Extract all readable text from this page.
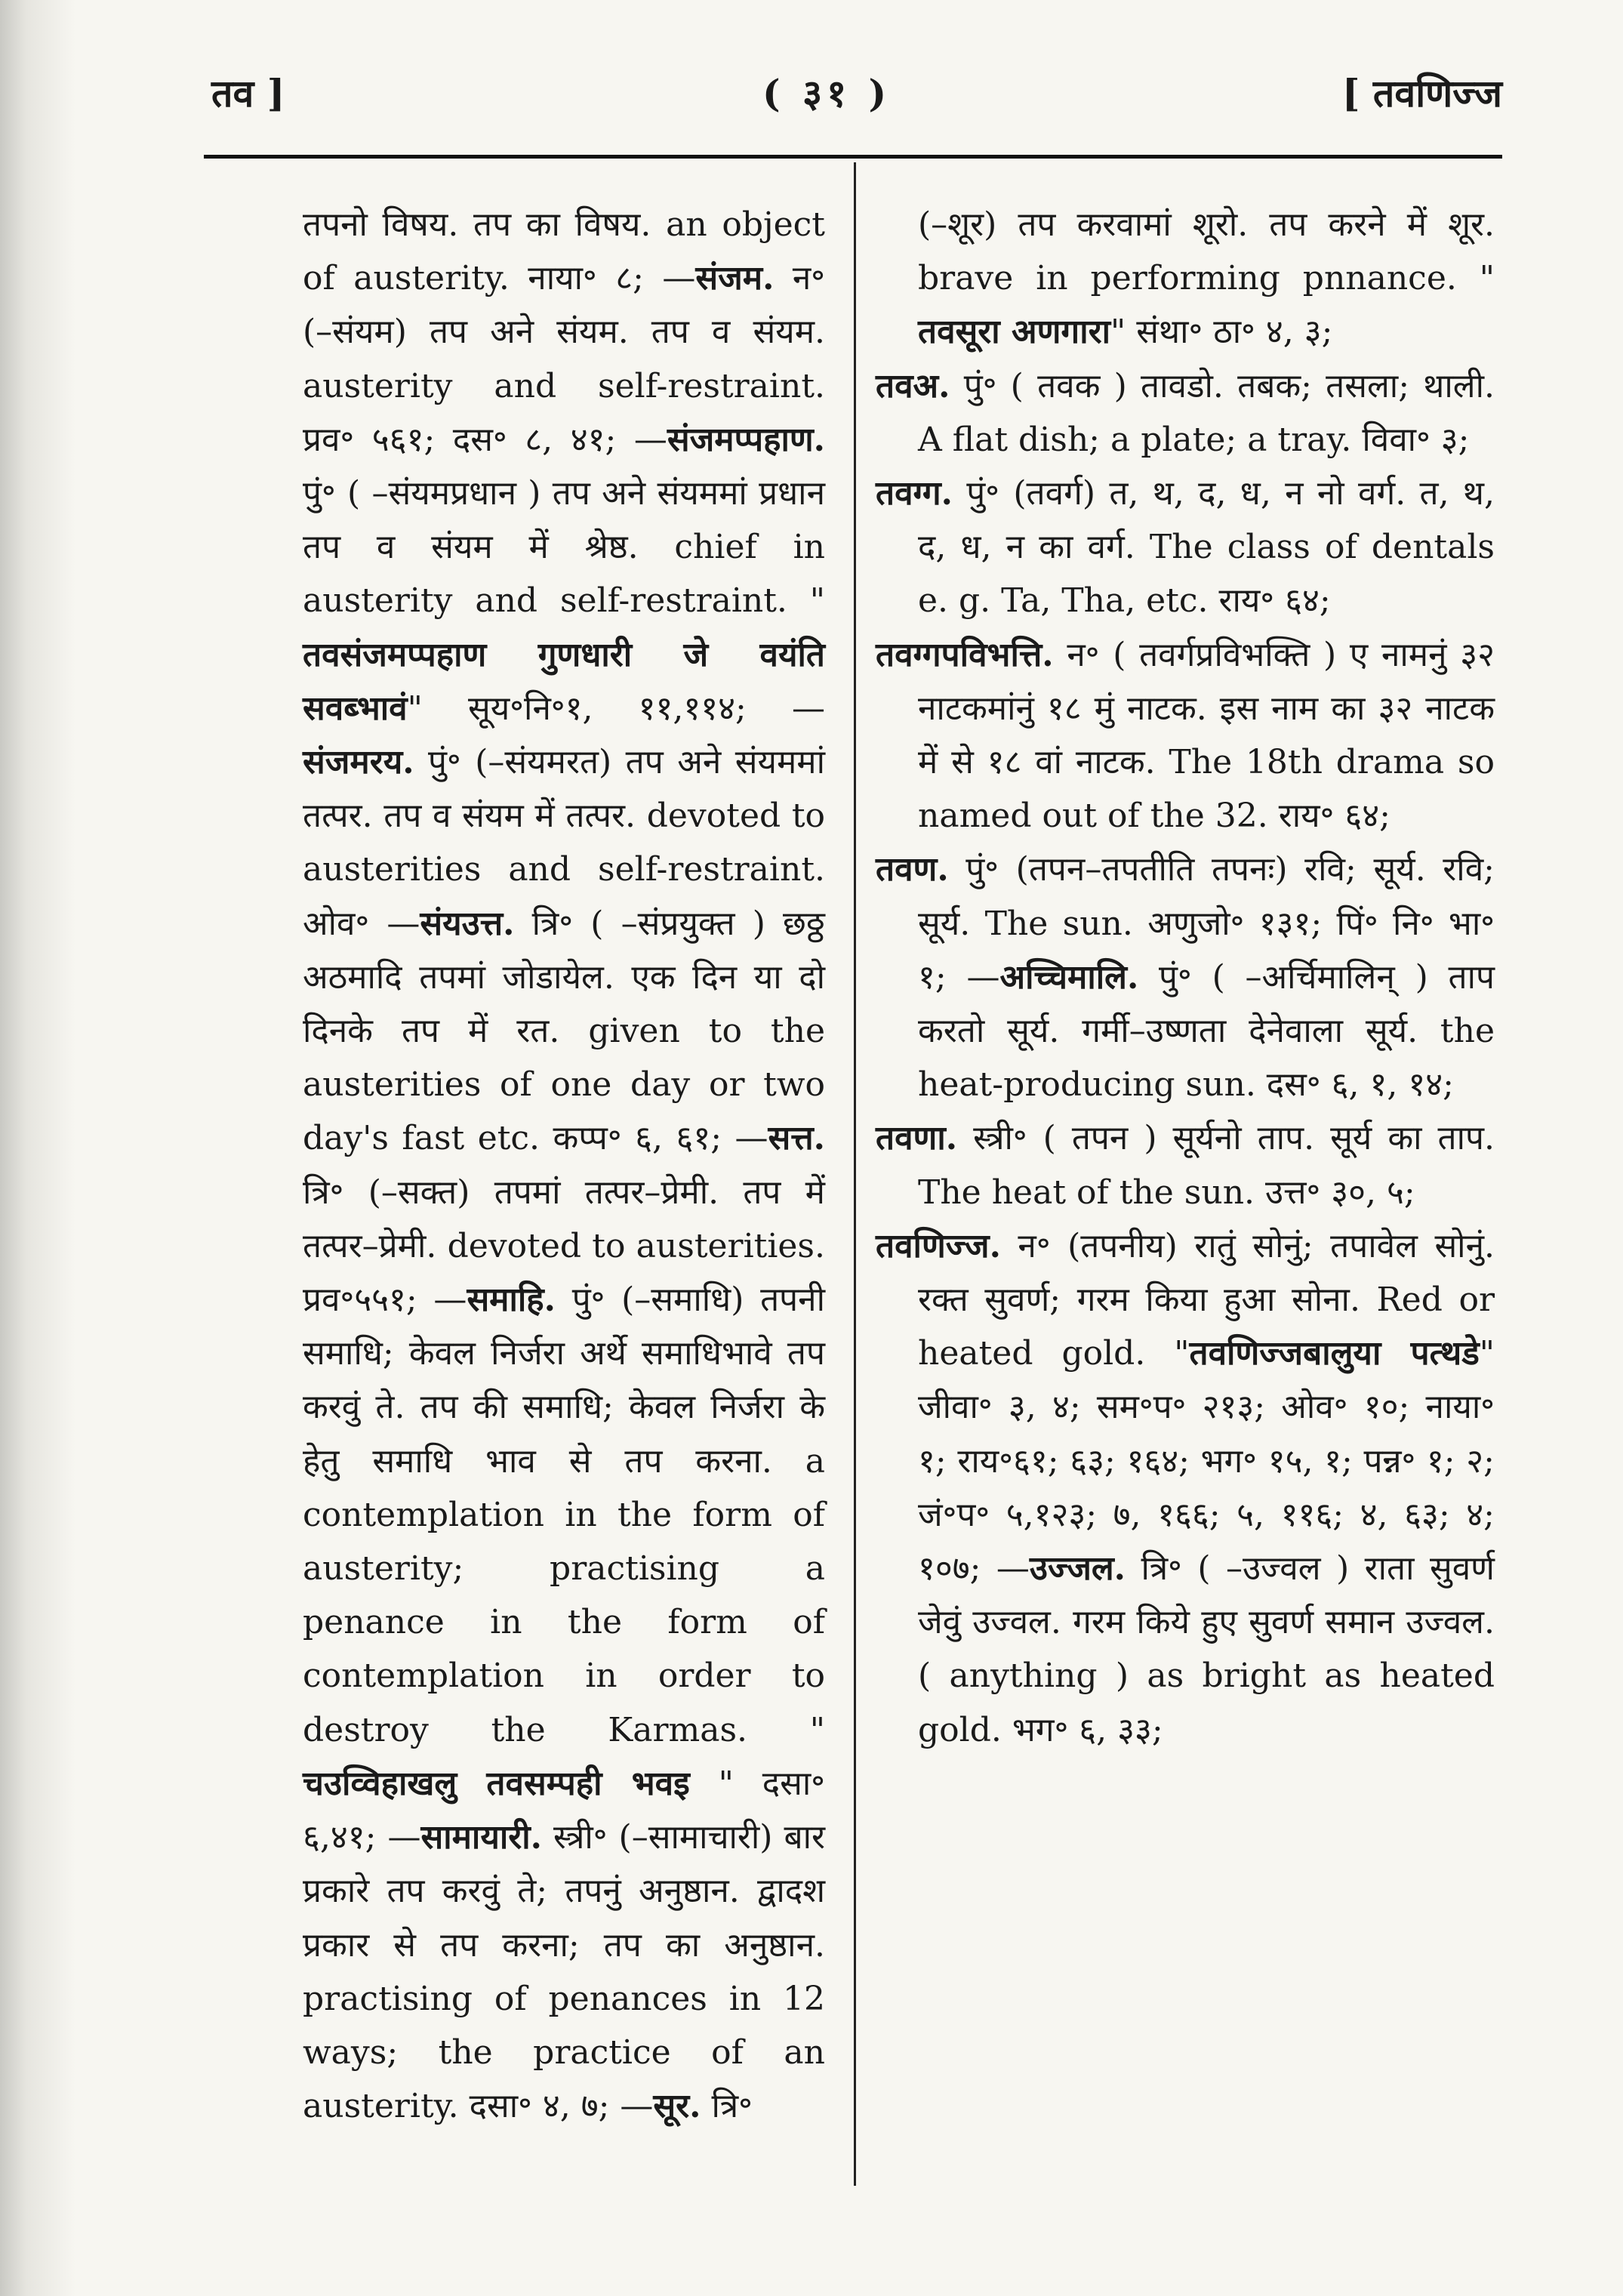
तव ]	( ३१ )	[ तवणिज्ज

तपनो विषय. तप का विषय. an object of austerity. नाया॰ ८; —संजम. न॰ (–संयम) तप अने संयम. तप व संयम. austerity and self-restraint. प्रव॰ ५६१; दस॰ ८, ४१; —संजमप्पहाण. पुं॰ ( –संयमप्रधान ) तप अने संयममां प्रधान तप व संयम में श्रेष्ठ. chief in austerity and self-restraint. " तवसंजमप्पहाण गुणधारी जे वयंति सवब्भावं" सूय॰नि॰१, ११,११४; —संजमरय. पुं॰ (–संयमरत) तप अने संयममां तत्पर. तप व संयम में तत्पर. devoted to austerities and self-restraint. ओव॰ —संयउत्त. त्रि॰ ( –संप्रयुक्त ) छठ्ठ अठमादि तपमां जोडायेल. एक दिन या दो दिनके तप में रत. given to the austerities of one day or two day's fast etc. कप्प॰ ६, ६१; —सत्त. त्रि॰ (–सक्त) तपमां तत्पर–प्रेमी. तप में तत्पर–प्रेमी. devoted to austerities. प्रव॰५५१; —समाहि. पुं॰ (–समाधि) तपनी समाधि; केवल निर्जरा अर्थे समाधिभावे तप करवुं ते. तप की समाधि; केवल निर्जरा के हेतु समाधि भाव से तप करना. a contemplation in the form of austerity; practising a penance in the form of contemplation in order to destroy the Karmas. " चउव्विहाखलु तवसम्पही भवइ " दसा॰ ६,४१; —सामायारी. स्त्री॰ (–सामाचारी) बार प्रकारे तप करवुं ते; तपनुं अनुष्ठान. द्वादश प्रकार से तप करना; तप का अनुष्ठान. practising of penances in 12 ways; the practice of an austerity. दसा॰ ४, ७; —सूर. त्रि॰

(–शूर) तप करवामां शूरो. तप करने में शूर. brave in performing pnnance. " तवसूरा अणगारा" संथा॰ ठा॰ ४, ३;

तवअ. पुं॰ ( तवक ) तावडो. तबक; तसला; थाली. A flat dish; a plate; a tray. विवा॰ ३;

तवग्ग. पुं॰ (तवर्ग) त, थ, द, ध, न नो वर्ग. त, थ, द, ध, न का वर्ग. The class of dentals e. g. Ta, Tha, etc. राय॰ ६४;

तवग्गपविभत्ति. न॰ ( तवर्गप्रविभक्ति ) ए नामनुं ३२ नाटकमांनुं १८ मुं नाटक. इस नाम का ३२ नाटक में से १८ वां नाटक. The 18th drama so named out of the 32. राय॰ ६४;

तवण. पुं॰ (तपन–तपतीति तपनः) रवि; सूर्य. रवि; सूर्य. The sun. अणुजो॰ १३१; पिं॰ नि॰ भा॰ १; —अच्चिमालि. पुं॰ ( –अर्चिमालिन् ) ताप करतो सूर्य. गर्मी–उष्णता देनेवाला सूर्य. the heat-producing sun. दस॰ ६, १, १४;

तवणा. स्त्री॰ ( तपन ) सूर्यनो ताप. सूर्य का ताप. The heat of the sun. उत्त॰ ३०, ५;

तवणिज्ज. न॰ (तपनीय) रातुं सोनुं; तपावेल सोनुं. रक्त सुवर्ण; गरम किया हुआ सोना. Red or heated gold. "तवणिज्जबालुया पत्थडे" जीवा॰ ३, ४; सम॰प॰ २१३; ओव॰ १०; नाया॰ १; राय॰६१; ६३; १६४; भग॰ १५, १; पन्न॰ १; २; जं॰प॰ ५,१२३; ७, १६६; ५, ११६; ४, ६३; ४; १०७; —उज्जल. त्रि॰ ( –उज्वल ) राता सुवर्ण जेवुं उज्वल. गरम किये हुए सुवर्ण समान उज्वल. ( anything ) as bright as heated gold. भग॰ ६, ३३;
